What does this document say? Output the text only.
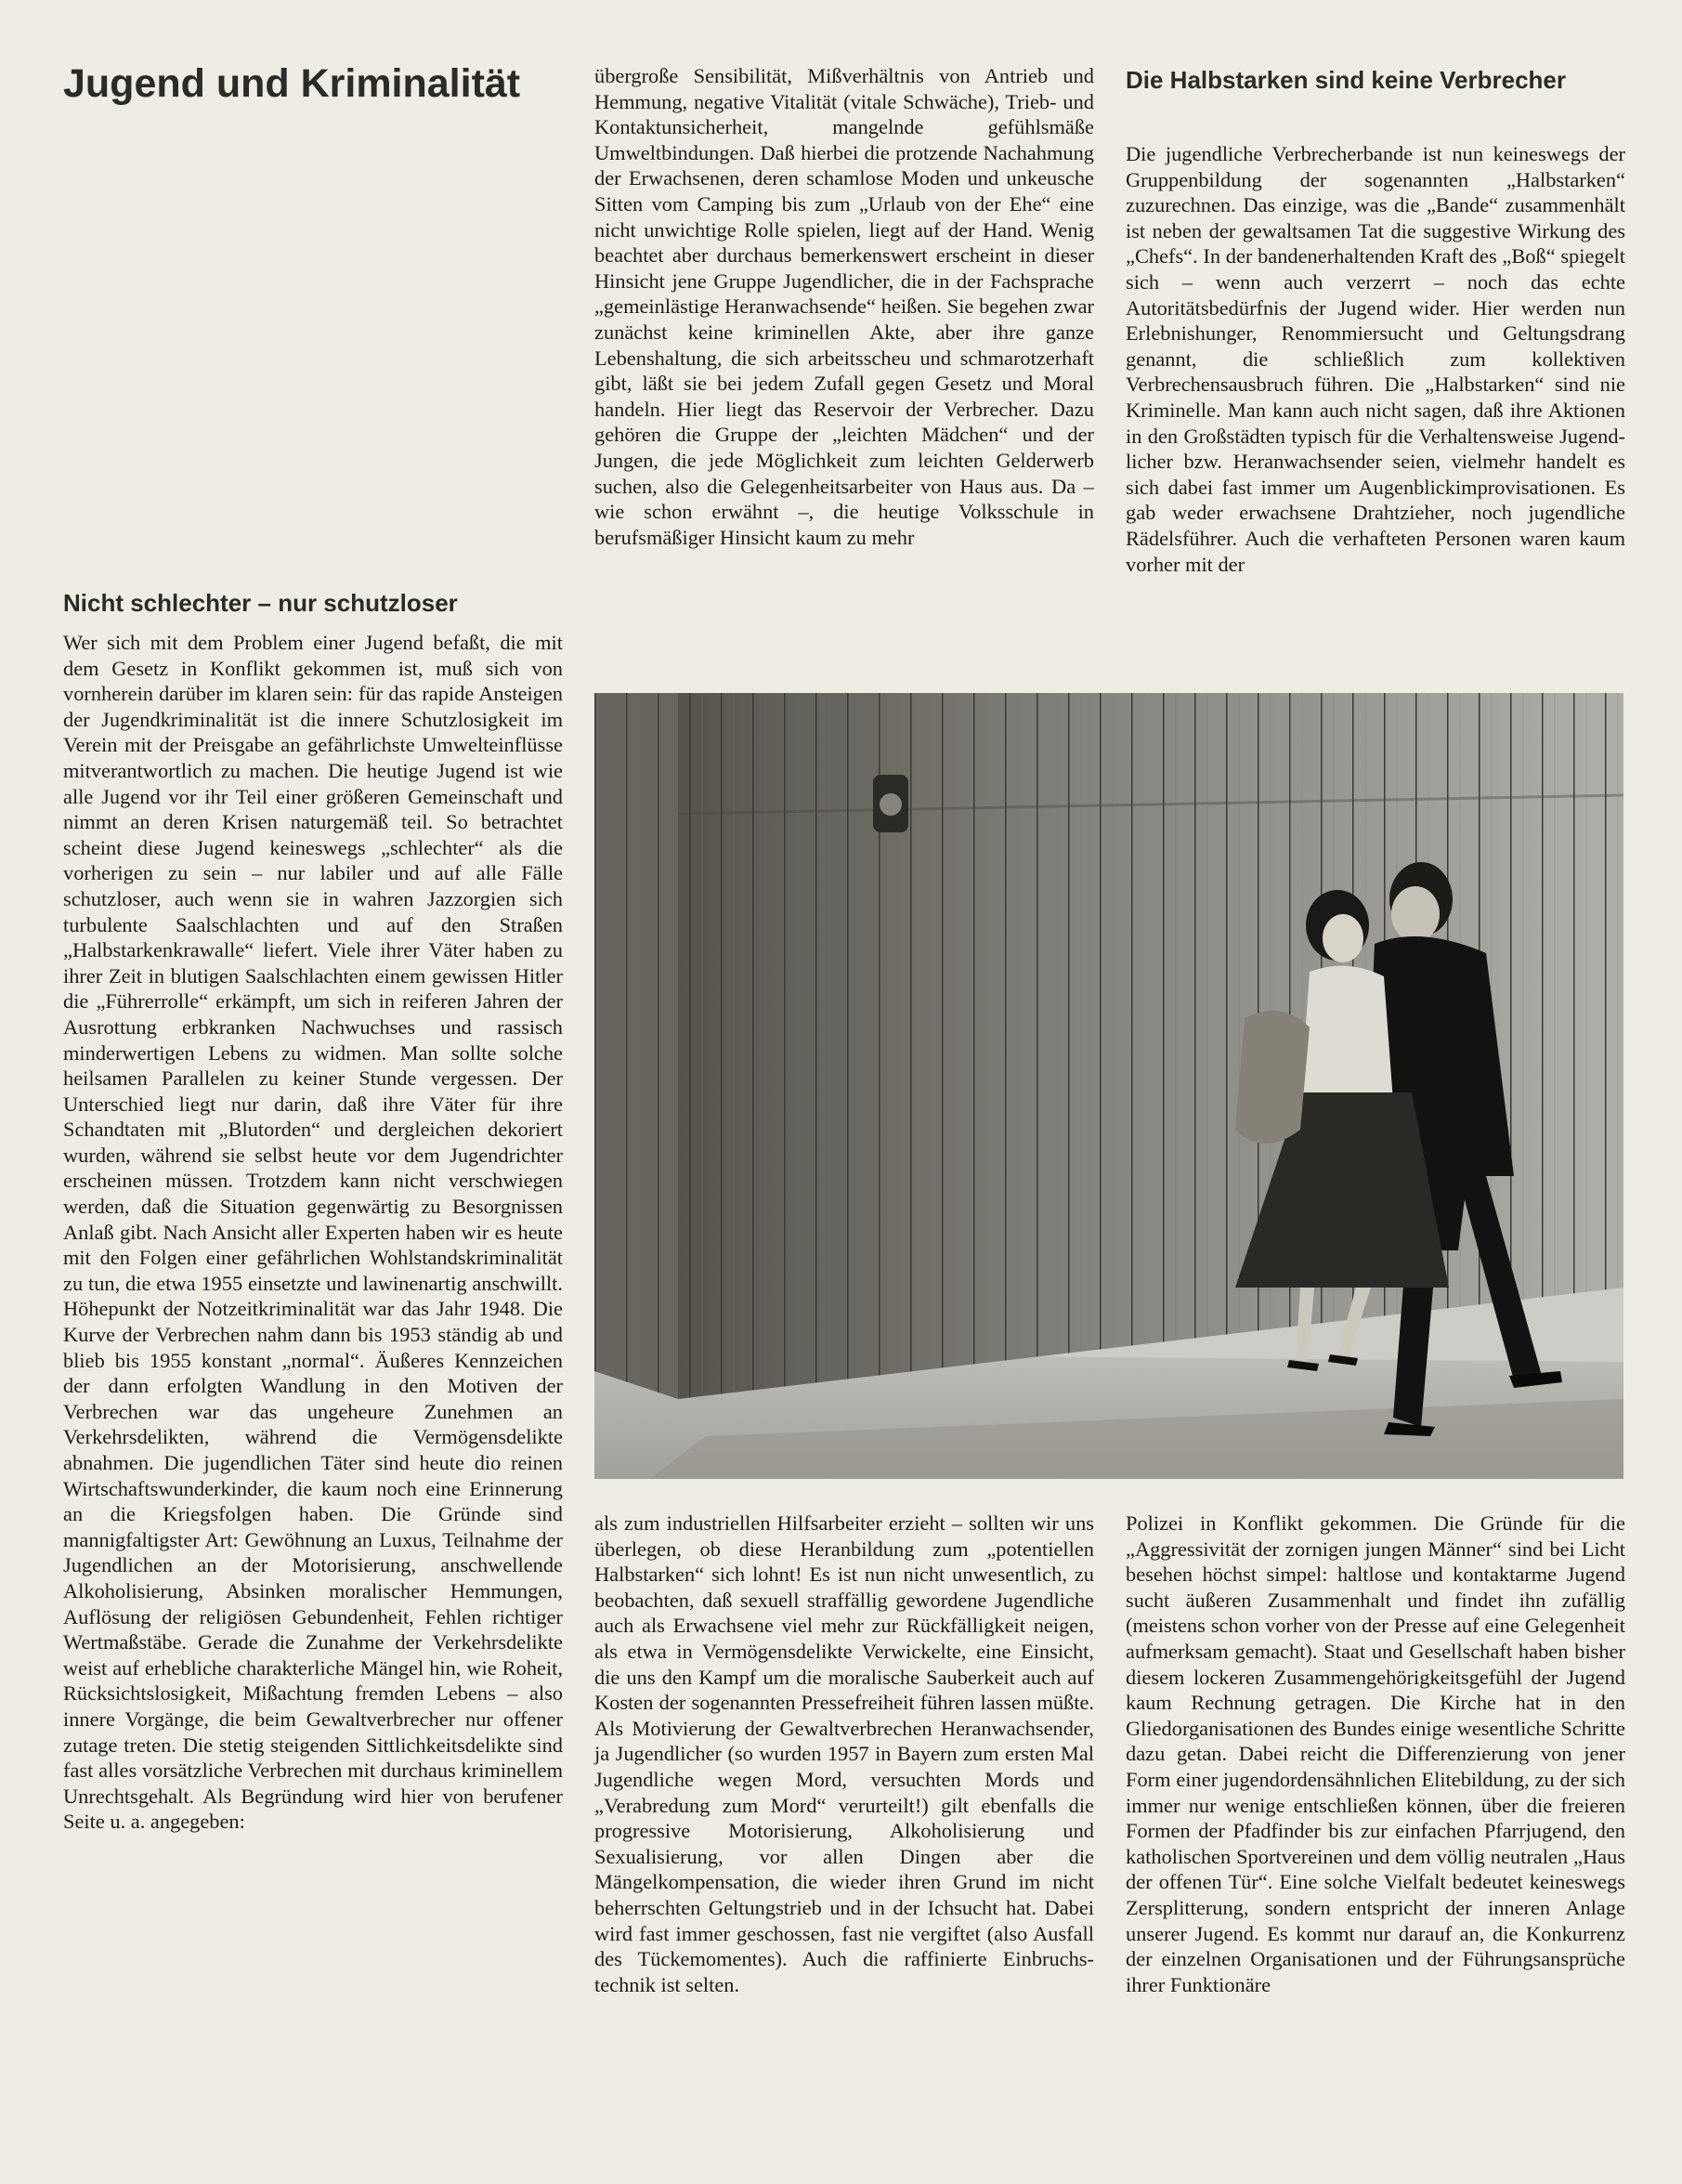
Jugend und Kriminalität
Nicht schlechter – nur schutzloser

Wer sich mit dem Problem einer Jugend befaßt, die mit dem Gesetz in Konflikt gekommen ist, muß sich von vornherein darüber im klaren sein: für das rapide Ansteigen der Jugendkriminalität ist die innere Schutzlosigkeit im Verein mit der Preisgabe an gefährlichste Umwelteinflüsse mitverantwortlich zu machen. Die heutige Jugend ist wie alle Jugend vor ihr Teil einer größeren Gemeinschaft und nimmt an deren Krisen naturgemäß teil. So betrachtet scheint diese Jugend keineswegs „schlechter“ als die vorherigen zu sein – nur labiler und auf alle Fälle schutzloser, auch wenn sie in wahren Jazzorgien sich turbulente Saalschlachten und auf den Straßen „Halbstarkenkrawalle“ liefert. Viele ihrer Väter haben zu ihrer Zeit in blutigen Saalschlachten einem gewissen Hitler die „Führerrolle“ erkämpft, um sich in reiferen Jahren der Ausrottung erbkranken Nachwuchses und rassisch minderwertigen Lebens zu widmen. Man sollte solche heilsamen Parallelen zu keiner Stunde vergessen. Der Unterschied liegt nur darin, daß ihre Väter für ihre Schandtaten mit „Blutorden“ und dergleichen dekoriert wurden, während sie selbst heute vor dem Jugendrichter erscheinen müssen. Trotzdem kann nicht verschwiegen werden, daß die Situation gegenwärtig zu Besorgnissen Anlaß gibt. Nach Ansicht aller Experten haben wir es heute mit den Folgen einer gefährlichen Wohlstandskriminalität zu tun, die etwa 1955 einsetzte und lawinenartig anschwillt. Höhepunkt der Notzeitkriminalität war das Jahr 1948. Die Kurve der Verbrechen nahm dann bis 1953 ständig ab und blieb bis 1955 konstant „normal“. Äußeres Kennzeichen der dann erfolgten Wandlung in den Motiven der Verbrechen war das ungeheure Zunehmen an Verkehrsdelikten, während die Vermögensdelikte abnahmen. Die jugendlichen Täter sind heute dio reinen Wirtschaftswunderkinder, die kaum noch eine Erinnerung an die Kriegsfolgen haben. Die Gründe sind mannigfaltigster Art: Gewöhnung an Luxus, Teilnahme der Jugendlichen an der Motorisierung, anschwellende Alkoholisierung, Absinken moralischer Hemmungen, Auflösung der religiösen Gebundenheit, Fehlen richtiger Wertmaßstäbe. Gerade die Zunahme der Verkehrsdelikte weist auf erhebliche charakterliche Mängel hin, wie Roheit, Rücksichtslosigkeit, Mißachtung fremden Lebens – also innere Vorgänge, die beim Gewaltverbrecher nur offener zutage treten. Die stetig steigenden Sittlichkeitsdelikte sind fast alles vorsätzliche Verbrechen mit durchaus kriminellem Unrechtsgehalt. Als Begründung wird hier von berufener Seite u. a. angegeben:

übergroße Sensibilität, Mißverhältnis von Antrieb und Hemmung, negative Vitalität (vitale Schwäche), Trieb- und Kontaktunsicherheit, mangelnde gefühlsmäße Umweltbindungen. Daß hierbei die protzende Nachahmung der Erwachsenen, deren schamlose Moden und unkeusche Sitten vom Camping bis zum „Urlaub von der Ehe“ eine nicht unwichtige Rolle spielen, liegt auf der Hand. Wenig beachtet aber durchaus bemerkenswert erscheint in dieser Hinsicht jene Gruppe Jugendlicher, die in der Fachsprache „gemeinlästige Heranwachsende“ heißen. Sie begehen zwar zunächst keine kriminellen Akte, aber ihre ganze Lebenshaltung, die sich arbeitsscheu und schmarotzerhaft gibt, läßt sie bei jedem Zufall gegen Gesetz und Moral handeln. Hier liegt das Reservoir der Verbrecher. Dazu gehören die Gruppe der „leichten Mädchen“ und der Jungen, die jede Möglichkeit zum leichten Gelderwerb suchen, also die Gelegenheitsarbeiter von Haus aus. Da – wie schon erwähnt –, die heutige Volksschule in berufsmäßiger Hinsicht kaum zu mehr

Die Halbstarken sind keine Verbrecher

Die jugendliche Verbrecherbande ist nun keineswegs der Gruppenbildung der sogenannten „Halbstarken“ zuzurechnen. Das einzige, was die „Bande“ zusammenhält ist neben der gewaltsamen Tat die suggestive Wirkung des „Chefs“. In der bandenerhaltenden Kraft des „Boß“ spiegelt sich – wenn auch verzerrt – noch das echte Autoritätsbedürfnis der Jugend wider. Hier werden nun Erlebnishunger, Renommiersucht und Geltungsdrang genannt, die schließlich zum kollektiven Verbrechensausbruch führen. Die „Halbstarken“ sind nie Kriminelle. Man kann auch nicht sagen, daß ihre Aktionen in den Großstädten typisch für die Verhaltensweise Jugendlicher bzw. Heranwachsender seien, vielmehr handelt es sich dabei fast immer um Augenblickimprovisationen. Es gab weder erwachsene Drahtzieher, noch jugendliche Rädelsführer. Auch die verhafteten Personen waren kaum vorher mit der

als zum industriellen Hilfsarbeiter erzieht – sollten wir uns überlegen, ob diese Heranbildung zum „potentiellen Halbstarken“ sich lohnt! Es ist nun nicht unwesentlich, zu beobachten, daß sexuell straffällig gewordene Jugendliche auch als Erwachsene viel mehr zur Rückfälligkeit neigen, als etwa in Vermögensdelikte Verwickelte, eine Einsicht, die uns den Kampf um die moralische Sauberkeit auch auf Kosten der sogenannten Pressefreiheit führen lassen müßte. Als Motivierung der Gewaltverbrechen Heranwachsender, ja Jugendlicher (so wurden 1957 in Bayern zum ersten Mal Jugendliche wegen Mord, versuchten Mords und „Verabredung zum Mord“ verurteilt!) gilt ebenfalls die progressive Motorisierung, Alkoholisierung und Sexualisierung, vor allen Dingen aber die Mängelkompensation, die wieder ihren Grund im nicht beherrschten Geltungstrieb und in der Ichsucht hat. Dabei wird fast immer geschossen, fast nie vergiftet (also Ausfall des Tückemomentes). Auch die raffinierte Einbruchstechnik ist selten.

Polizei in Konflikt gekommen. Die Gründe für die „Aggressivität der zornigen jungen Männer“ sind bei Licht besehen höchst simpel: haltlose und kontaktarme Jugend sucht äußeren Zusammenhalt und findet ihn zufällig (meistens schon vorher von der Presse auf eine Gelegenheit aufmerksam gemacht). Staat und Gesellschaft haben bisher diesem lockeren Zusammengehörigkeitsgefühl der Jugend kaum Rechnung getragen. Die Kirche hat in den Gliedorganisationen des Bundes einige wesentliche Schritte dazu getan. Dabei reicht die Differenzierung von jener Form einer jugendordensähnlichen Elitebildung, zu der sich immer nur wenige entschließen können, über die freieren Formen der Pfadfinder bis zur einfachen Pfarrjugend, den katholischen Sportvereinen und dem völlig neutralen „Haus der offenen Tür“. Eine solche Vielfalt bedeutet keineswegs Zersplitterung, sondern entspricht der inneren Anlage unserer Jugend. Es kommt nur darauf an, die Konkurrenz der einzelnen Organisationen und der Führungsansprüche ihrer Funktionäre
